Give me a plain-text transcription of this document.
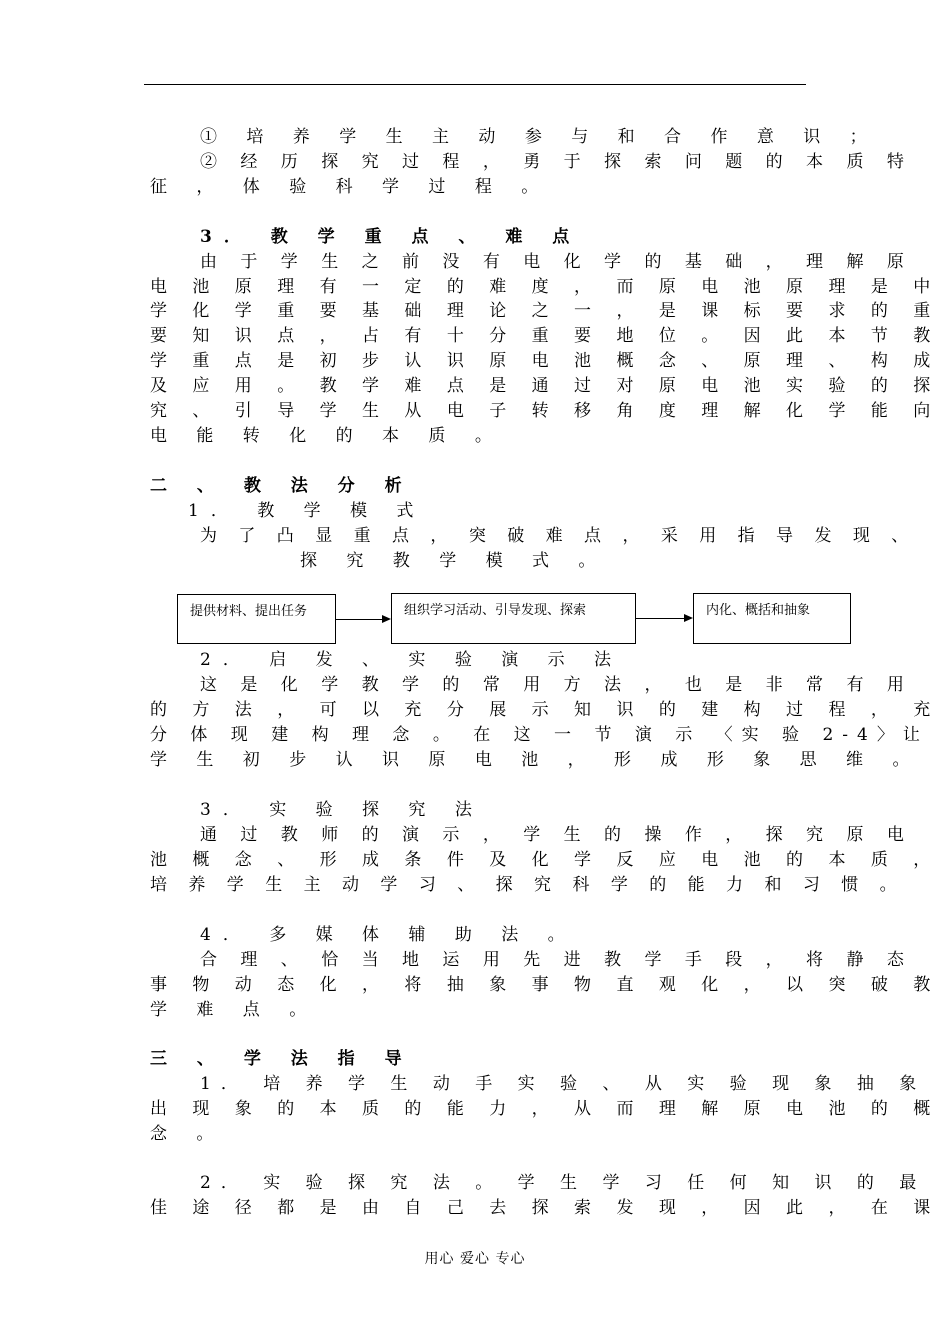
① 培 养 学 生 主 动 参 与 和 合 作 意 识 ；
② 经 历 探 究 过 程 ， 勇 于 探 索 问 题 的 本 质 特
征 ， 体 验 科 学 过 程 。
3． 教 学 重 点 、 难 点
由 于 学 生 之 前 没 有 电 化 学 的 基 础 ， 理 解 原
电 池 原 理 有 一 定 的 难 度 ， 而 原 电 池 原 理 是 中
学 化 学 重 要 基 础 理 论 之 一 ， 是 课 标 要 求 的 重
要 知 识 点 ， 占 有 十 分 重 要 地 位 。 因 此 本 节 教
学 重 点 是 初 步 认 识 原 电 池 概 念 、 原 理 、 构 成
及 应 用 。 教 学 难 点 是 通 过 对 原 电 池 实 验 的 探
究 、 引 导 学 生 从 电 子 转 移 角 度 理 解 化 学 能 向
电 能 转 化 的 本 质 。
二 、 教 法 分 析
1． 教 学 模 式
为 了 凸 显 重 点 ， 突 破 难 点 ， 采 用 指 导 发 现 、
探 究 教 学 模 式 。
提供材料、提出任务	组织学习活动、引导发现、探索	内化、概括和抽象
2． 启 发 、 实 验 演 示 法
这 是 化 学 教 学 的 常 用 方 法 ， 也 是 非 常 有 用
的 方 法 ， 可 以 充 分 展 示 知 识 的 建 构 过 程 ， 充
分 体 现 建 构 理 念 。 在 这 一 节 演 示 〈实 验 2-4〉让
学 生 初 步 认 识 原 电 池 ， 形 成 形 象 思 维 。
3． 实 验 探 究 法
通 过 教 师 的 演 示 ， 学 生 的 操 作 ， 探 究 原 电
池 概 念 、 形 成 条 件 及 化 学 反 应 电 池 的 本 质 ，
培 养 学 生 主 动 学 习 、 探 究 科 学 的 能 力 和 习 惯 。
4． 多 媒 体 辅 助 法 。
合 理 、 恰 当 地 运 用 先 进 教 学 手 段 ， 将 静 态
事 物 动 态 化 ， 将 抽 象 事 物 直 观 化 ， 以 突 破 教
学 难 点 。
三 、 学 法 指 导
1． 培 养 学 生 动 手 实 验 、 从 实 验 现 象 抽 象
出 现 象 的 本 质 的 能 力 ， 从 而 理 解 原 电 池 的 概
念 。
2． 实 验 探 究 法 。 学 生 学 习 任 何 知 识 的 最
佳 途 径 都 是 由 自 己 去 探 索 发 现 ， 因 此 ， 在 课
用心 爱心 专心
